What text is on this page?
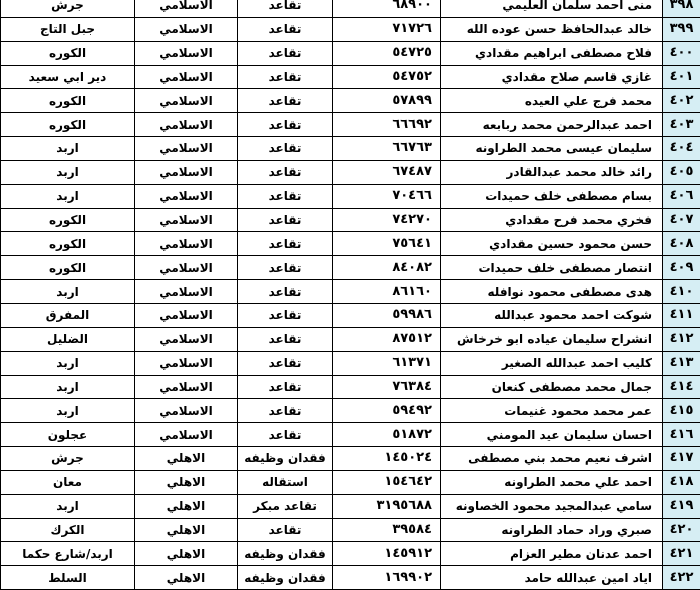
٣٩٨	منى احمد سلمان العليمي	٦٨٩٠٠	تقاعد	الاسلامي	جرش
٣٩٩	خالد عبدالحافظ حسن عوده الله	٧١٧٢٦	تقاعد	الاسلامي	جبل التاج
٤٠٠	فلاح مصطفى ابراهيم مقدادي	٥٤٧٢٥	تقاعد	الاسلامي	الكوره
٤٠١	غازي قاسم صلاح مقدادي	٥٤٧٥٢	تقاعد	الاسلامي	دير ابي سعيد
٤٠٢	محمد فرج علي العيده	٥٧٨٩٩	تقاعد	الاسلامي	الكوره
٤٠٣	احمد عبدالرحمن محمد ربابعه	٦٦٦٩٢	تقاعد	الاسلامي	الكوره
٤٠٤	سليمان عيسى محمد الطراونه	٦٦٧٦٣	تقاعد	الاسلامي	اربد
٤٠٥	رائد خالد محمد عبدالقادر	٦٧٤٨٧	تقاعد	الاسلامي	اربد
٤٠٦	بسام مصطفى خلف حميدات	٧٠٤٦٦	تقاعد	الاسلامي	اربد
٤٠٧	فخري محمد فرح مقدادي	٧٤٢٧٠	تقاعد	الاسلامي	الكوره
٤٠٨	حسن محمود حسين مقدادي	٧٥٦٤١	تقاعد	الاسلامي	الكوره
٤٠٩	انتصار مصطفى خلف حميدات	٨٤٠٨٢	تقاعد	الاسلامي	الكوره
٤١٠	هدى مصطفى محمود نوافله	٨٦١٦٠	تقاعد	الاسلامي	اربد
٤١١	شوكت احمد محمود عبدالله	٥٩٩٨٦	تقاعد	الاسلامي	المفرق
٤١٢	انشراح سليمان عياده ابو خرخاش	٨٧٥١٢	تقاعد	الاسلامي	الضليل
٤١٣	كليب احمد عبدالله الصغير	٦١٣٧١	تقاعد	الاسلامي	اربد
٤١٤	جمال محمد مصطفى كنعان	٧٦٣٨٤	تقاعد	الاسلامي	اربد
٤١٥	عمر محمد محمود غنيمات	٥٩٤٩٢	تقاعد	الاسلامي	اربد
٤١٦	احسان سليمان عيد المومني	٥١٨٧٢	تقاعد	الاسلامي	عجلون
٤١٧	اشرف نعيم محمد بني مصطفى	١٤٥٠٢٤	فقدان وظيفه	الاهلي	جرش
٤١٨	احمد علي محمد الطراونه	١٥٤٦٤٢	استقاله	الاهلي	معان
٤١٩	سامي عبدالمجيد محمود الخصاونه	٣١٩٥٦٨٨	تقاعد مبكر	الاهلي	اربد
٤٢٠	صبري وراد حماد الطراونه	٣٩٥٨٤	تقاعد	الاهلي	الكرك
٤٢١	احمد عدنان مطير العزام	١٤٥٩١٢	فقدان وظيفه	الاهلي	اربد/شارع حكما
٤٢٢	اياد امين عبدالله حامد	١٦٩٩٠٢	فقدان وظيفه	الاهلي	السلط
